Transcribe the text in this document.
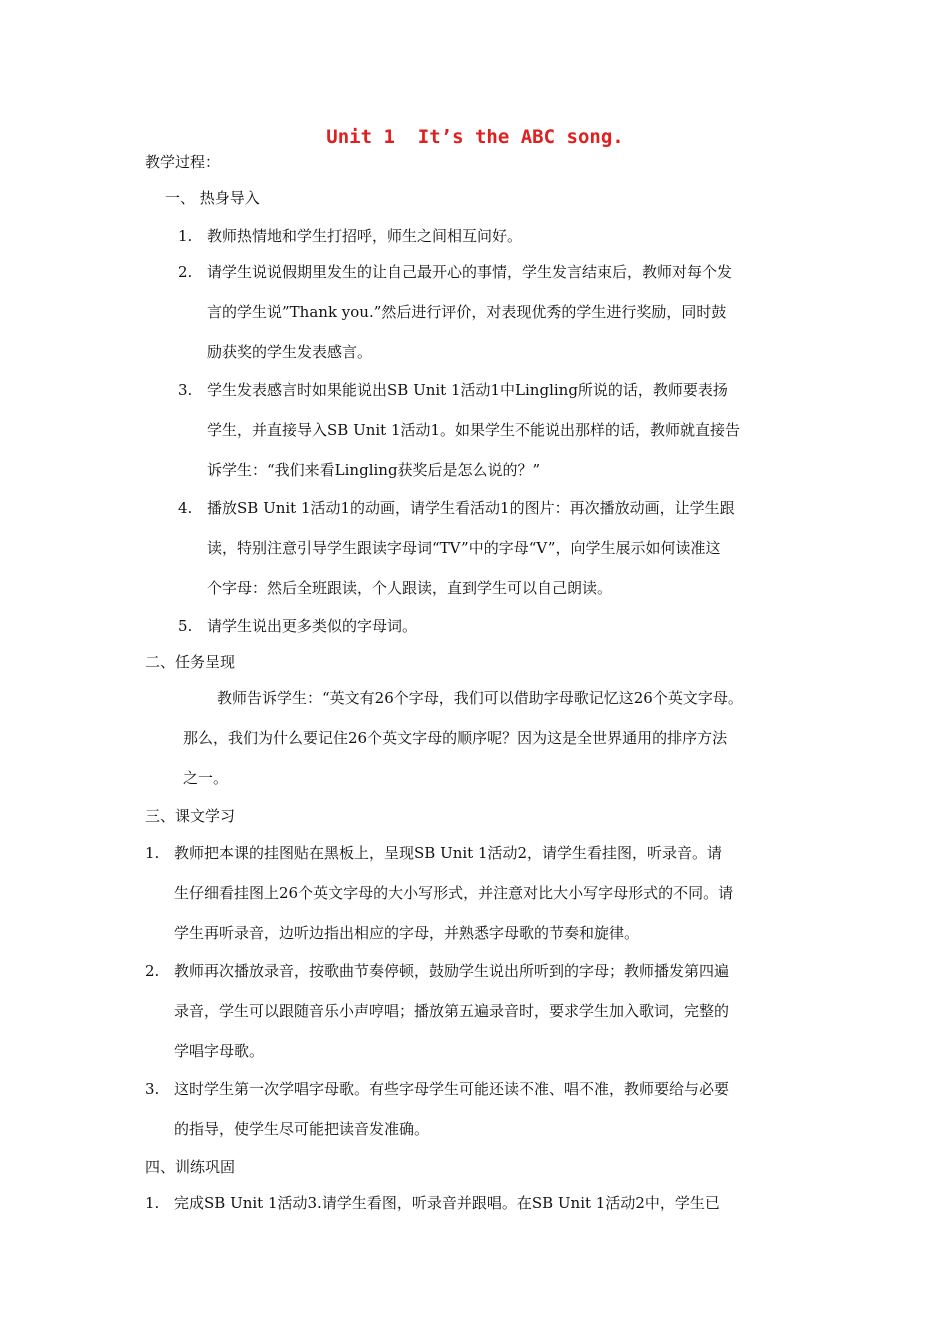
Unit 1  It’s the ABC song.
教学过程：
一、 热身导入
1. 教师热情地和学生打招呼，师生之间相互问好。
2. 请学生说说假期里发生的让自己最开心的事情，学生发言结束后，教师对每个发
言的学生说”Thank you.”然后进行评价，对表现优秀的学生进行奖励，同时鼓
励获奖的学生发表感言。
3. 学生发表感言时如果能说出SB Unit 1活动1中Lingling所说的话，教师要表扬
学生，并直接导入SB Unit 1活动1。如果学生不能说出那样的话，教师就直接告
诉学生：“我们来看Lingling获奖后是怎么说的？”
4. 播放SB Unit 1活动1的动画，请学生看活动1的图片：再次播放动画，让学生跟
读，特别注意引导学生跟读字母词“TV”中的字母“V”，向学生展示如何读准这
个字母：然后全班跟读，个人跟读，直到学生可以自己朗读。
5. 请学生说出更多类似的字母词。
二、任务呈现
教师告诉学生：“英文有26个字母，我们可以借助字母歌记忆这26个英文字母。
那么，我们为什么要记住26个英文字母的顺序呢？因为这是全世界通用的排序方法
之一。
三、课文学习
1. 教师把本课的挂图贴在黑板上，呈现SB Unit 1活动2，请学生看挂图，听录音。请
生仔细看挂图上26个英文字母的大小写形式，并注意对比大小写字母形式的不同。请
学生再听录音，边听边指出相应的字母，并熟悉字母歌的节奏和旋律。
2. 教师再次播放录音，按歌曲节奏停顿，鼓励学生说出所听到的字母；教师播发第四遍
录音，学生可以跟随音乐小声哼唱；播放第五遍录音时，要求学生加入歌词，完整的
学唱字母歌。
3. 这时学生第一次学唱字母歌。有些字母学生可能还读不准、唱不准，教师要给与必要
的指导，使学生尽可能把读音发准确。
四、训练巩固
1. 完成SB Unit 1活动3.请学生看图，听录音并跟唱。在SB Unit 1活动2中，学生已
